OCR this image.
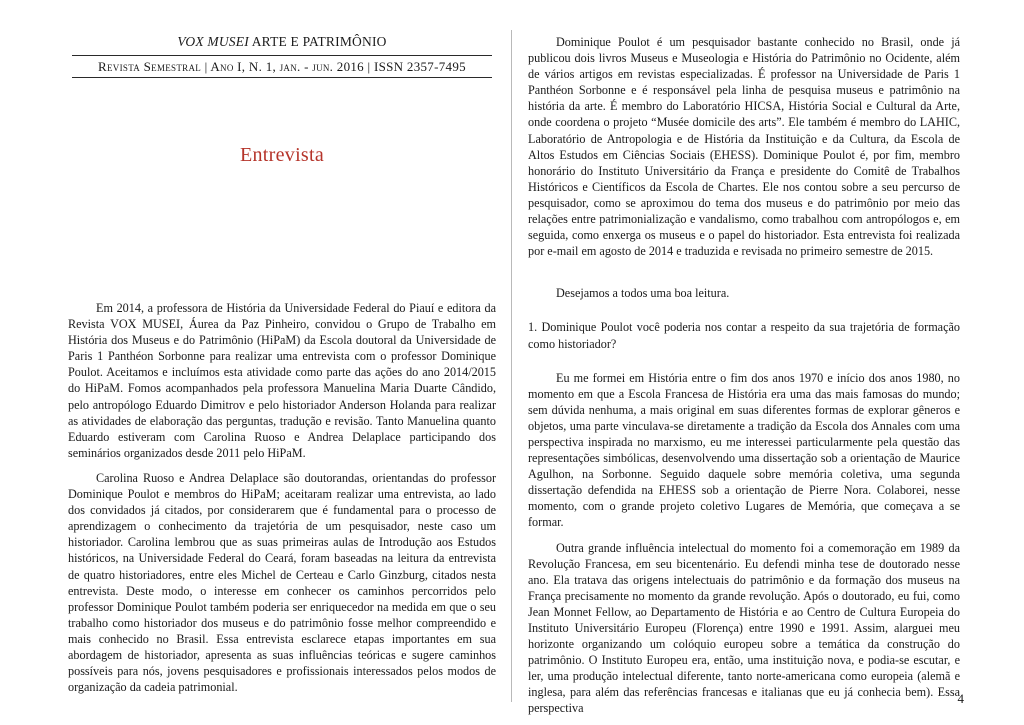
VOX MUSEI ARTE E PATRIMÔNIO
Revista Semestral | Ano I, N. 1, jan. - jun. 2016 | ISSN 2357-7495
Entrevista

Em 2014, a professora de História da Universidade Federal do Piauí e editora da Revista VOX MUSEI, Áurea da Paz Pinheiro, convidou o Grupo de Trabalho em História dos Museus e do Patrimônio (HiPaM) da Escola doutoral da Universidade de Paris 1 Panthéon Sorbonne para realizar uma entrevista com o professor Dominique Poulot. Aceitamos e incluímos esta atividade como parte das ações do ano 2014/2015 do HiPaM. Fomos acompanhados pela professora Manuelina Maria Duarte Cândido, pelo antropólogo Eduardo Dimitrov e pelo historiador Anderson Holanda para realizar as atividades de elaboração das perguntas, tradução e revisão. Tanto Manuelina quanto Eduardo estiveram com Carolina Ruoso e Andrea Delaplace participando dos seminários organizados desde 2011 pelo HiPaM.

Carolina Ruoso e Andrea Delaplace são doutorandas, orientandas do professor Dominique Poulot e membros do HiPaM; aceitaram realizar uma entrevista, ao lado dos convidados já citados, por considerarem que é fundamental para o processo de aprendizagem o conhecimento da trajetória de um pesquisador, neste caso um historiador. Carolina lembrou que as suas primeiras aulas de Introdução aos Estudos históricos, na Universidade Federal do Ceará, foram baseadas na leitura da entrevista de quatro historiadores, entre eles Michel de Certeau e Carlo Ginzburg, citados nesta entrevista. Deste modo, o interesse em conhecer os caminhos percorridos pelo professor Dominique Poulot também poderia ser enriquecedor na medida em que o seu trabalho como historiador dos museus e do patrimônio fosse melhor compreendido e mais conhecido no Brasil. Essa entrevista esclarece etapas importantes em sua abordagem de historiador, apresenta as suas influências teóricas e sugere caminhos possíveis para nós, jovens pesquisadores e profissionais interessados pelos modos de organização da cadeia patrimonial.

Dominique Poulot é um pesquisador bastante conhecido no Brasil, onde já publicou dois livros Museus e Museologia e História do Patrimônio no Ocidente, além de vários artigos em revistas especializadas. É professor na Universidade de Paris 1 Panthéon Sorbonne e é responsável pela linha de pesquisa museus e patrimônio na história da arte. É membro do Laboratório HICSA, História Social e Cultural da Arte, onde coordena o projeto “Musée domicile des arts”. Ele também é membro do LAHIC, Laboratório de Antropologia e de História da Instituição e da Cultura, da Escola de Altos Estudos em Ciências Sociais (EHESS). Dominique Poulot é, por fim, membro honorário do Instituto Universitário da França e presidente do Comitê de Trabalhos Históricos e Científicos da Escola de Chartes. Ele nos contou sobre a seu percurso de pesquisador, como se aproximou do tema dos museus e do patrimônio por meio das relações entre patrimonialização e vandalismo, como trabalhou com antropólogos e, em seguida, como enxerga os museus e o papel do historiador. Esta entrevista foi realizada por e-mail em agosto de 2014 e traduzida e revisada no primeiro semestre de 2015.

Desejamos a todos uma boa leitura.

1. Dominique Poulot você poderia nos contar a respeito da sua trajetória de formação como historiador?

Eu me formei em História entre o fim dos anos 1970 e início dos anos 1980, no momento em que a Escola Francesa de História era uma das mais famosas do mundo; sem dúvida nenhuma, a mais original em suas diferentes formas de explorar gêneros e objetos, uma parte vinculava-se diretamente a tradição da Escola dos Annales com uma perspectiva inspirada no marxismo, eu me interessei particularmente pela questão das representações simbólicas, desenvolvendo uma dissertação sob a orientação de Maurice Agulhon, na Sorbonne. Seguido daquele sobre memória coletiva, uma segunda dissertação defendida na EHESS sob a orientação de Pierre Nora. Colaborei, nesse momento, com o grande projeto coletivo Lugares de Memória, que começava a se formar.

Outra grande influência intelectual do momento foi a comemoração em 1989 da Revolução Francesa, em seu bicentenário. Eu defendi minha tese de doutorado nesse ano. Ela tratava das origens intelectuais do patrimônio e da formação dos museus na França precisamente no momento da grande revolução. Após o doutorado, eu fui, como Jean Monnet Fellow, ao Departamento de História e ao Centro de Cultura Europeia do Instituto Universitário Europeu (Florença) entre 1990 e 1991. Assim, alarguei meu horizonte organizando um colóquio europeu sobre a temática da construção do patrimônio. O Instituto Europeu era, então, uma instituição nova, e podia-se escutar, e ler, uma produção intelectual diferente, tanto norte-americana como europeia (alemã e inglesa, para além das referências francesas e italianas que eu já conhecia bem). Essa perspectiva

4
